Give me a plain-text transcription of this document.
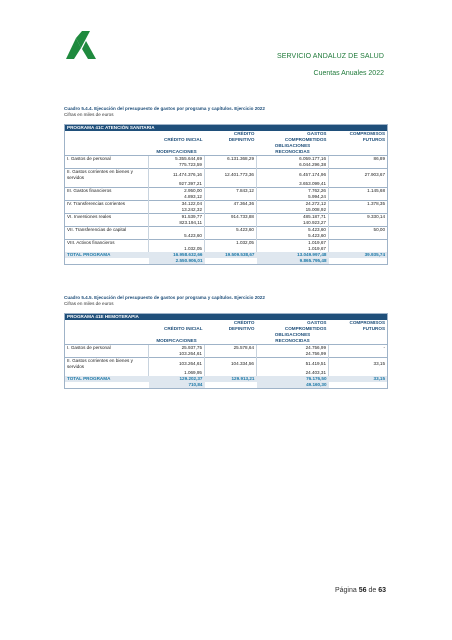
SERVICIO ANDALUZ DE SALUD
Cuentas Anuales 2022
Cuadro 5.4.4. Ejecución del presupuesto de gastos por programa y capítulos. Ejercicio 2022
Cifras en miles de euros
PROGRAMA 41C ATENCIÓN SANITARIA				
		CRÉDITO	GASTOS	COMPROMISOS
	CRÉDITO INICIAL	DEFINITIVO	COMPROMETIDOS	FUTUROS
			OBLIGACIONES	
	MODIFICACIONES		RECONOCIDAS	
I. Gastos de personal	5.355.644,69	6.131.368,29	6.059.177,16	86,89
	775.723,59		6.044.296,38	
II. Gastos corrientes en bienes y servidos	11.474.376,16	12.401.773,36	6.457.174,96	27.903,67
	927.397,21		3.653.099,41	
III. Gastos financieros	2.950,00	7.843,12	7.762,26	1.145,68
	4.893,12		5.994,24	
IV. Transferencias corrientes	34.122,04	47.364,36	24.272,12	1.378,35
	13.242,32		15.008,92	
VI. Inversiones reales	91.539,77	914.733,88	485.187,71	9.330,14
	823.194,11		140.923,27	
VII. Transferencias de capital		5.423,60	5.423,60	50,00
	5.423,60		5.423,60	
VIII. Activos financieros		1.032,05	1.019,67	
	1.032,05		1.019,67	
TOTAL PROGRAMA	16.958.632,66	19.509.538,67	13.049.997,48	39.935,74
	2.550.906,01		9.865.795,48	
Cuadro 5.4.5. Ejecución del presupuesto de gastos por programa y capítulos. Ejercicio 2022
Cifras en miles de euros
PROGRAMA 41E HEMOTERAPIA				
		CRÉDITO	GASTOS	COMPROMISOS
	CRÉDITO INICIAL	DEFINITIVO	COMPROMETIDOS	FUTUROS
			OBLIGACIONES	
	MODIFICACIONES		RECONOCIDAS	
I. Gastos de personal	25.937,75	25.578,64	24.756,99	-
	103.264,61		24.756,99	
II. Gastos corrientes en bienes y servidos	103.264,61	104.334,56	51.419,51	33,15
	1.069,95		24.403,31	
TOTAL PROGRAMA	129.202,37	129.913,21	76.176,50	33,15
	710,84		49.160,30	
Página 56 de 63
